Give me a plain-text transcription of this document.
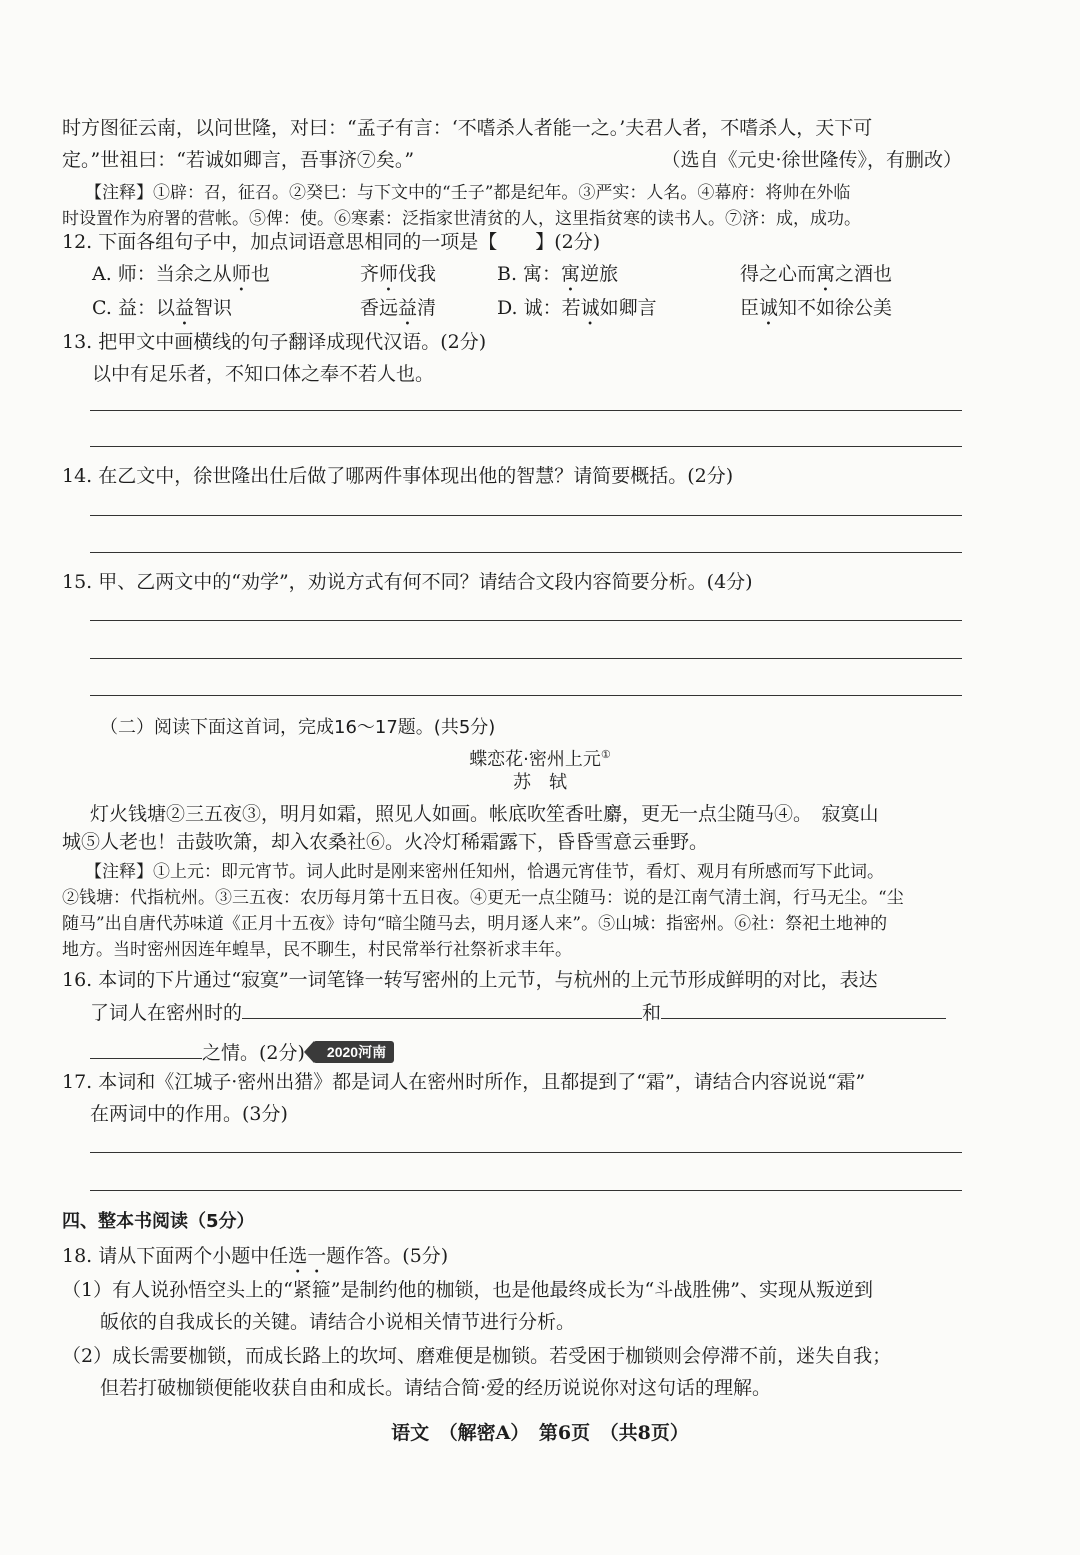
时方图征云南，以问世隆，对曰：“孟子有言：‘不嗜杀人者能一之。’夫君人者，不嗜杀人，天下可
定。”世祖曰：“若诚如卿言，吾事济⑦矣。”	（选自《元史·徐世隆传》，有删改）
【注释】①辟：召，征召。②癸巳：与下文中的“壬子”都是纪年。③严实：人名。④幕府：将帅在外临
时设置作为府署的营帐。⑤俾：使。⑥寒素：泛指家世清贫的人，这里指贫寒的读书人。⑦济：成，成功。
12. 下面各组句子中，加点词语意思相同的一项是【　　】(2分)
A. 师：当余之从师也	齐师伐我	B. 寓：寓逆旅	得之心而寓之酒也
C. 益：以益智识	香远益清	D. 诚：若诚如卿言	臣诚知不如徐公美
13. 把甲文中画横线的句子翻译成现代汉语。(2分)
以中有足乐者，不知口体之奉不若人也。
14. 在乙文中，徐世隆出仕后做了哪两件事体现出他的智慧？请简要概括。(2分)
15. 甲、乙两文中的“劝学”，劝说方式有何不同？请结合文段内容简要分析。(4分)
（二）阅读下面这首词，完成16～17题。(共5分)
蝶恋花·密州上元①
苏　轼
灯火钱塘②三五夜③，明月如霜，照见人如画。帐底吹笙香吐麝，更无一点尘随马④。　寂寞山
城⑤人老也！击鼓吹箫，却入农桑社⑥。火冷灯稀霜露下，昏昏雪意云垂野。
【注释】①上元：即元宵节。词人此时是刚来密州任知州，恰遇元宵佳节，看灯、观月有所感而写下此词。
②钱塘：代指杭州。③三五夜：农历每月第十五日夜。④更无一点尘随马：说的是江南气清土润，行马无尘。“尘
随马”出自唐代苏味道《正月十五夜》诗句“暗尘随马去，明月逐人来”。⑤山城：指密州。⑥社：祭祀土地神的
地方。当时密州因连年蝗旱，民不聊生，村民常举行社祭祈求丰年。
16. 本词的下片通过“寂寞”一词笔锋一转写密州的上元节，与杭州的上元节形成鲜明的对比，表达
了词人在密州时的	和
之情。(2分) 2020河南
17. 本词和《江城子·密州出猎》都是词人在密州时所作，且都提到了“霜”，请结合内容说说“霜”
在两词中的作用。(3分)
四、整本书阅读（5分）
18. 请从下面两个小题中任选一题作答。(5分)
（1）有人说孙悟空头上的“紧箍”是制约他的枷锁，也是他最终成长为“斗战胜佛”、实现从叛逆到
皈依的自我成长的关键。请结合小说相关情节进行分析。
（2）成长需要枷锁，而成长路上的坎坷、磨难便是枷锁。若受困于枷锁则会停滞不前，迷失自我；
但若打破枷锁便能收获自由和成长。请结合简·爱的经历说说你对这句话的理解。
语文　（解密A）　第6页　（共8页）
